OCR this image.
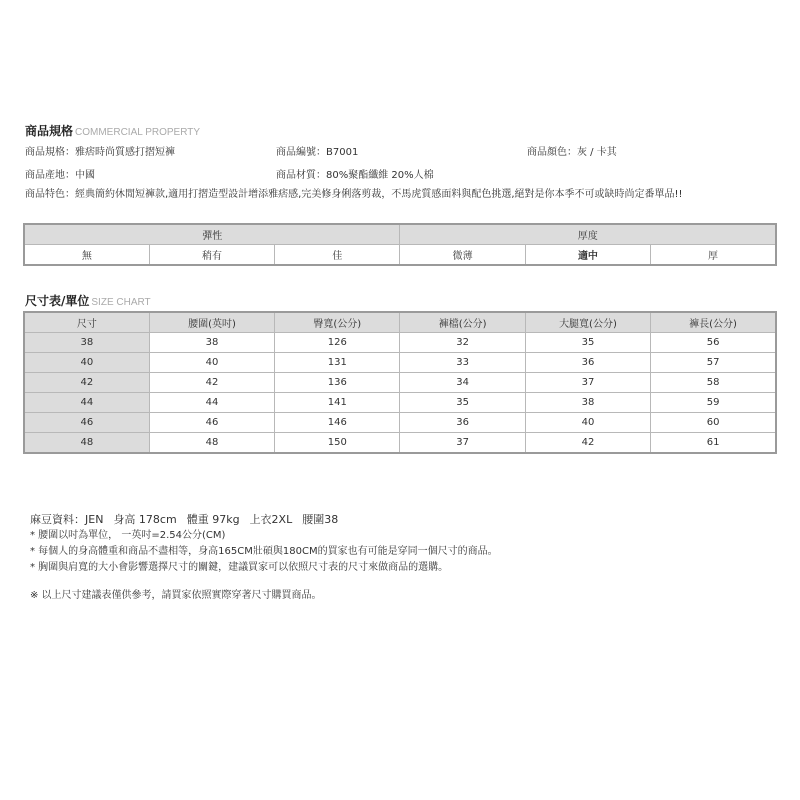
商品規格 COMMERCIAL PROPERTY
商品規格：雅痞時尚質感打摺短褲	商品編號：B7001	商品顏色：灰 / 卡其
商品產地：中國	商品材質：80%聚酯纖維 20%人棉
商品特色：經典簡約休閒短褲款,適用打摺造型設計增添雅痞感,完美修身俐落剪裁，不馬虎質感面料與配色挑選,絕對是你本季不可或缺時尚定番單品!!
彈性			厚度		
無	稍有	佳	微薄	適中	厚
尺寸表/單位 SIZE CHART
尺寸	腰圍(英吋)	臀寬(公分)	褲檔(公分)	大腿寬(公分)	褲長(公分)
38	38	126	32	35	56
40	40	131	33	36	57
42	42	136	34	37	58
44	44	141	35	38	59
46	46	146	36	40	60
48	48	150	37	42	61
麻豆資料：JEN 身高 178cm 體重 97kg 上衣2XL 腰圍38
* 腰圍以吋為單位， 一英吋=2.54公分(CM)
* 每個人的身高體重和商品不盡相等，身高165CM壯碩與180CM的買家也有可能是穿同一個尺寸的商品。
* 胸圍與肩寬的大小會影響選擇尺寸的關鍵，建議買家可以依照尺寸表的尺寸來做商品的選購。
※ 以上尺寸建議表僅供參考，請買家依照實際穿著尺寸購買商品。
